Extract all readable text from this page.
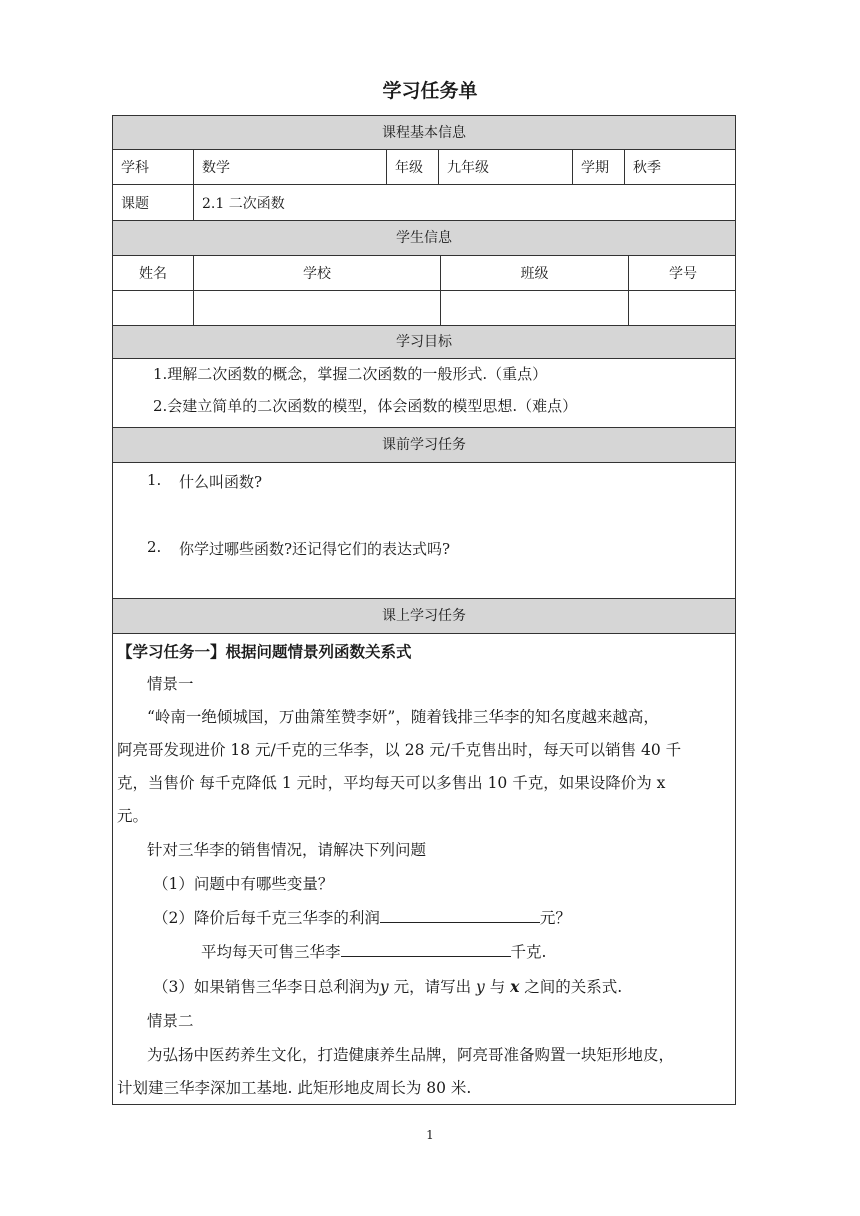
学习任务单
课程基本信息
学科	数学	年级	九年级	学期	秋季
课题	2.1 二次函数
学生信息
姓名	学校	班级	学号
学习目标
1.理解二次函数的概念，掌握二次函数的一般形式.（重点）
2.会建立简单的二次函数的模型，体会函数的模型思想.（难点）
课前学习任务
1. 什么叫函数?
2. 你学过哪些函数?还记得它们的表达式吗?
课上学习任务
【学习任务一】根据问题情景列函数关系式
情景一
“岭南一绝倾城国，万曲箫笙赞李妍”，随着钱排三华李的知名度越来越高，
阿亮哥发现进价 18 元/千克的三华李，以 28 元/千克售出时，每天可以销售 40 千
克，当售价 每千克降低 1 元时，平均每天可以多售出 10 千克，如果设降价为 x
元。
针对三华李的销售情况，请解决下列问题
（1）问题中有哪些变量？
（2）降价后每千克三华李的利润	元？
平均每天可售三华李	千克.
（3）如果销售三华李日总利润为y 元，请写出 y 与 x 之间的关系式.
情景二
为弘扬中医药养生文化，打造健康养生品牌，阿亮哥准备购置一块矩形地皮，
计划建三华李深加工基地. 此矩形地皮周长为 80 米.
1
